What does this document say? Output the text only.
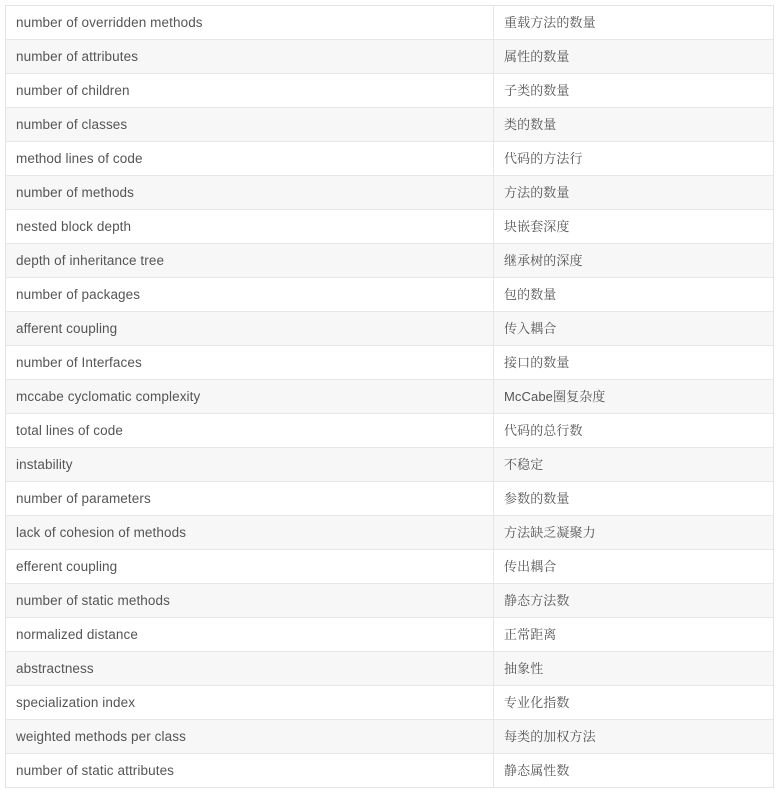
number of overridden methods	重载方法的数量
number of attributes	属性的数量
number of children	子类的数量
number of classes	类的数量
method lines of code	代码的方法行
number of methods	方法的数量
nested block depth	块嵌套深度
depth of inheritance tree	继承树的深度
number of packages	包的数量
afferent coupling	传入耦合
number of Interfaces	接口的数量
mccabe cyclomatic complexity	McCabe圈复杂度
total lines of code	代码的总行数
instability	不稳定
number of parameters	参数的数量
lack of cohesion of methods	方法缺乏凝聚力
efferent coupling	传出耦合
number of static methods	静态方法数
normalized distance	正常距离
abstractness	抽象性
specialization index	专业化指数
weighted methods per class	每类的加权方法
number of static attributes	静态属性数
